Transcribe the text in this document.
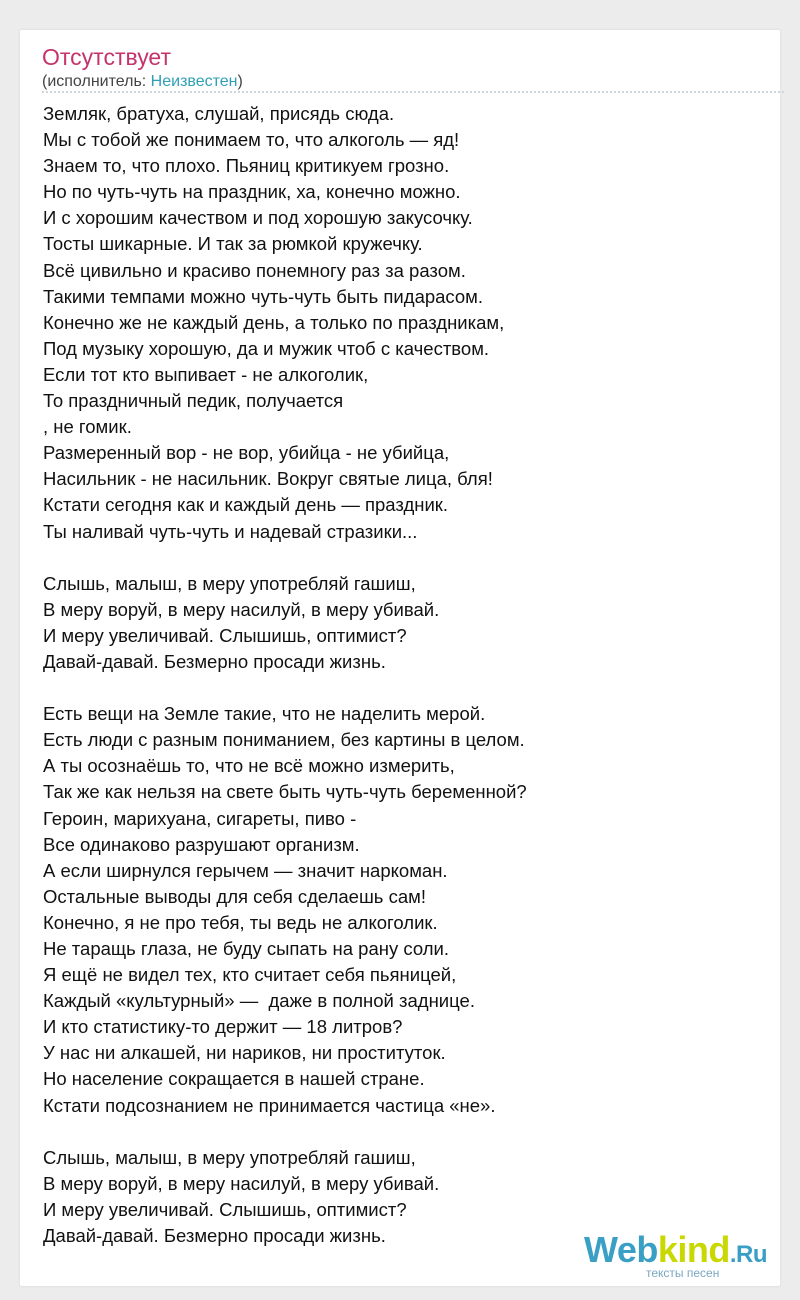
Отсутствует
(исполнитель: Неизвестен)
Земляк, братуха, слушай, присядь сюда.
Мы с тобой же понимаем то, что алкоголь — яд!
Знаем то, что плохо. Пьяниц критикуем грозно.
Но по чуть-чуть на праздник, ха, конечно можно.
И с хорошим качеством и под хорошую закусочку.
Тосты шикарные. И так за рюмкой кружечку.
Всё цивильно и красиво понемногу раз за разом.
Такими темпами можно чуть-чуть быть пидарасом.
Конечно же не каждый день, а только по праздникам,
Под музыку хорошую, да и мужик чтоб с качеством.
Если тот кто выпивает - не алкоголик,
То праздничный педик, получается
, не гомик.
Размеренный вор - не вор, убийца - не убийца,
Насильник - не насильник. Вокруг святые лица, бля!
Кстати сегодня как и каждый день — праздник.
Ты наливай чуть-чуть и надевай стразики...
Слышь, малыш, в меру употребляй гашиш,
В меру воруй, в меру насилуй, в меру убивай.
И меру увеличивай. Слышишь, оптимист?
Давай-давай. Безмерно просади жизнь.
Есть вещи на Земле такие, что не наделить мерой.
Есть люди с разным пониманием, без картины в целом.
А ты осознаёшь то, что не всё можно измерить,
Так же как нельзя на свете быть чуть-чуть беременной?
Героин, марихуана, сигареты, пиво -
Все одинаково разрушают организм.
А если ширнулся герычем — значит наркоман.
Остальные выводы для себя сделаешь сам!
Конечно, я не про тебя, ты ведь не алкоголик.
Не таращь глаза, не буду сыпать на рану соли.
Я ещё не видел тех, кто считает себя пьяницей,
Каждый «культурный» —  даже в полной заднице.
И кто статистику-то держит — 18 литров?
У нас ни алкашей, ни нариков, ни проституток.
Но население сокращается в нашей стране.
Кстати подсознанием не принимается частица «не».
Слышь, малыш, в меру употребляй гашиш,
В меру воруй, в меру насилуй, в меру убивай.
И меру увеличивай. Слышишь, оптимист?
Давай-давай. Безмерно просади жизнь.	Webkind.Ru
тексты песен
